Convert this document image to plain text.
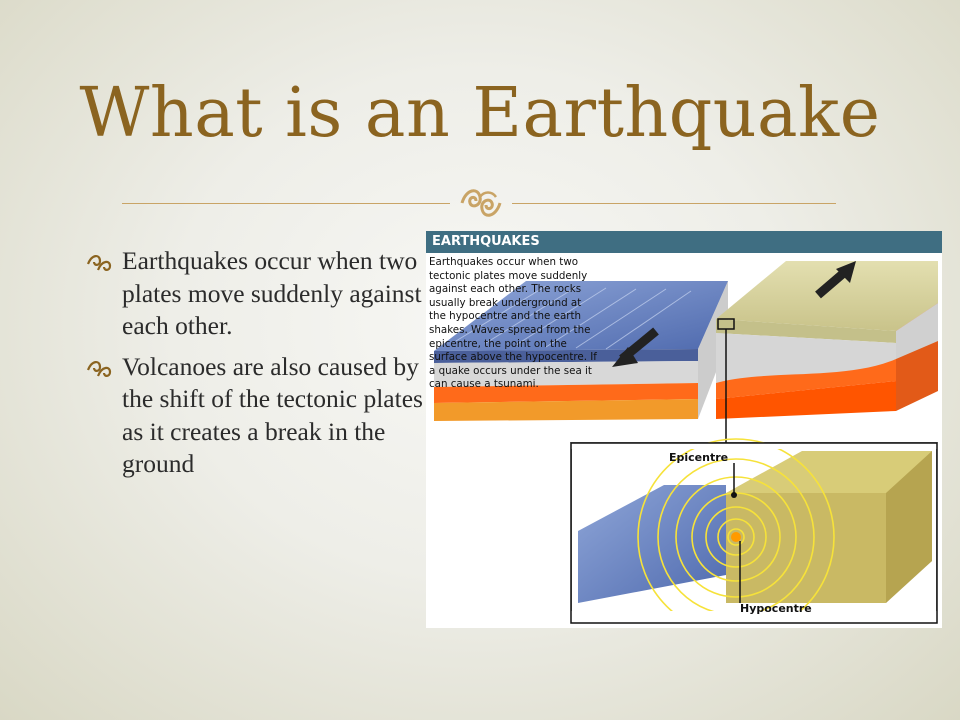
What is an Earthquake
Earthquakes occur when two plates move suddenly against each other.
Volcanoes are also caused by the shift of the tectonic plates as it creates a break in the ground
EARTHQUAKES
Earthquakes occur when two tectonic plates move suddenly against each other. The rocks usually break underground at the hypocentre and the earth shakes. Waves spread from the epicentre, the point on the surface above the hypocentre. If a quake occurs under the sea it can cause a tsunami.
Epicentre
Hypocentre
